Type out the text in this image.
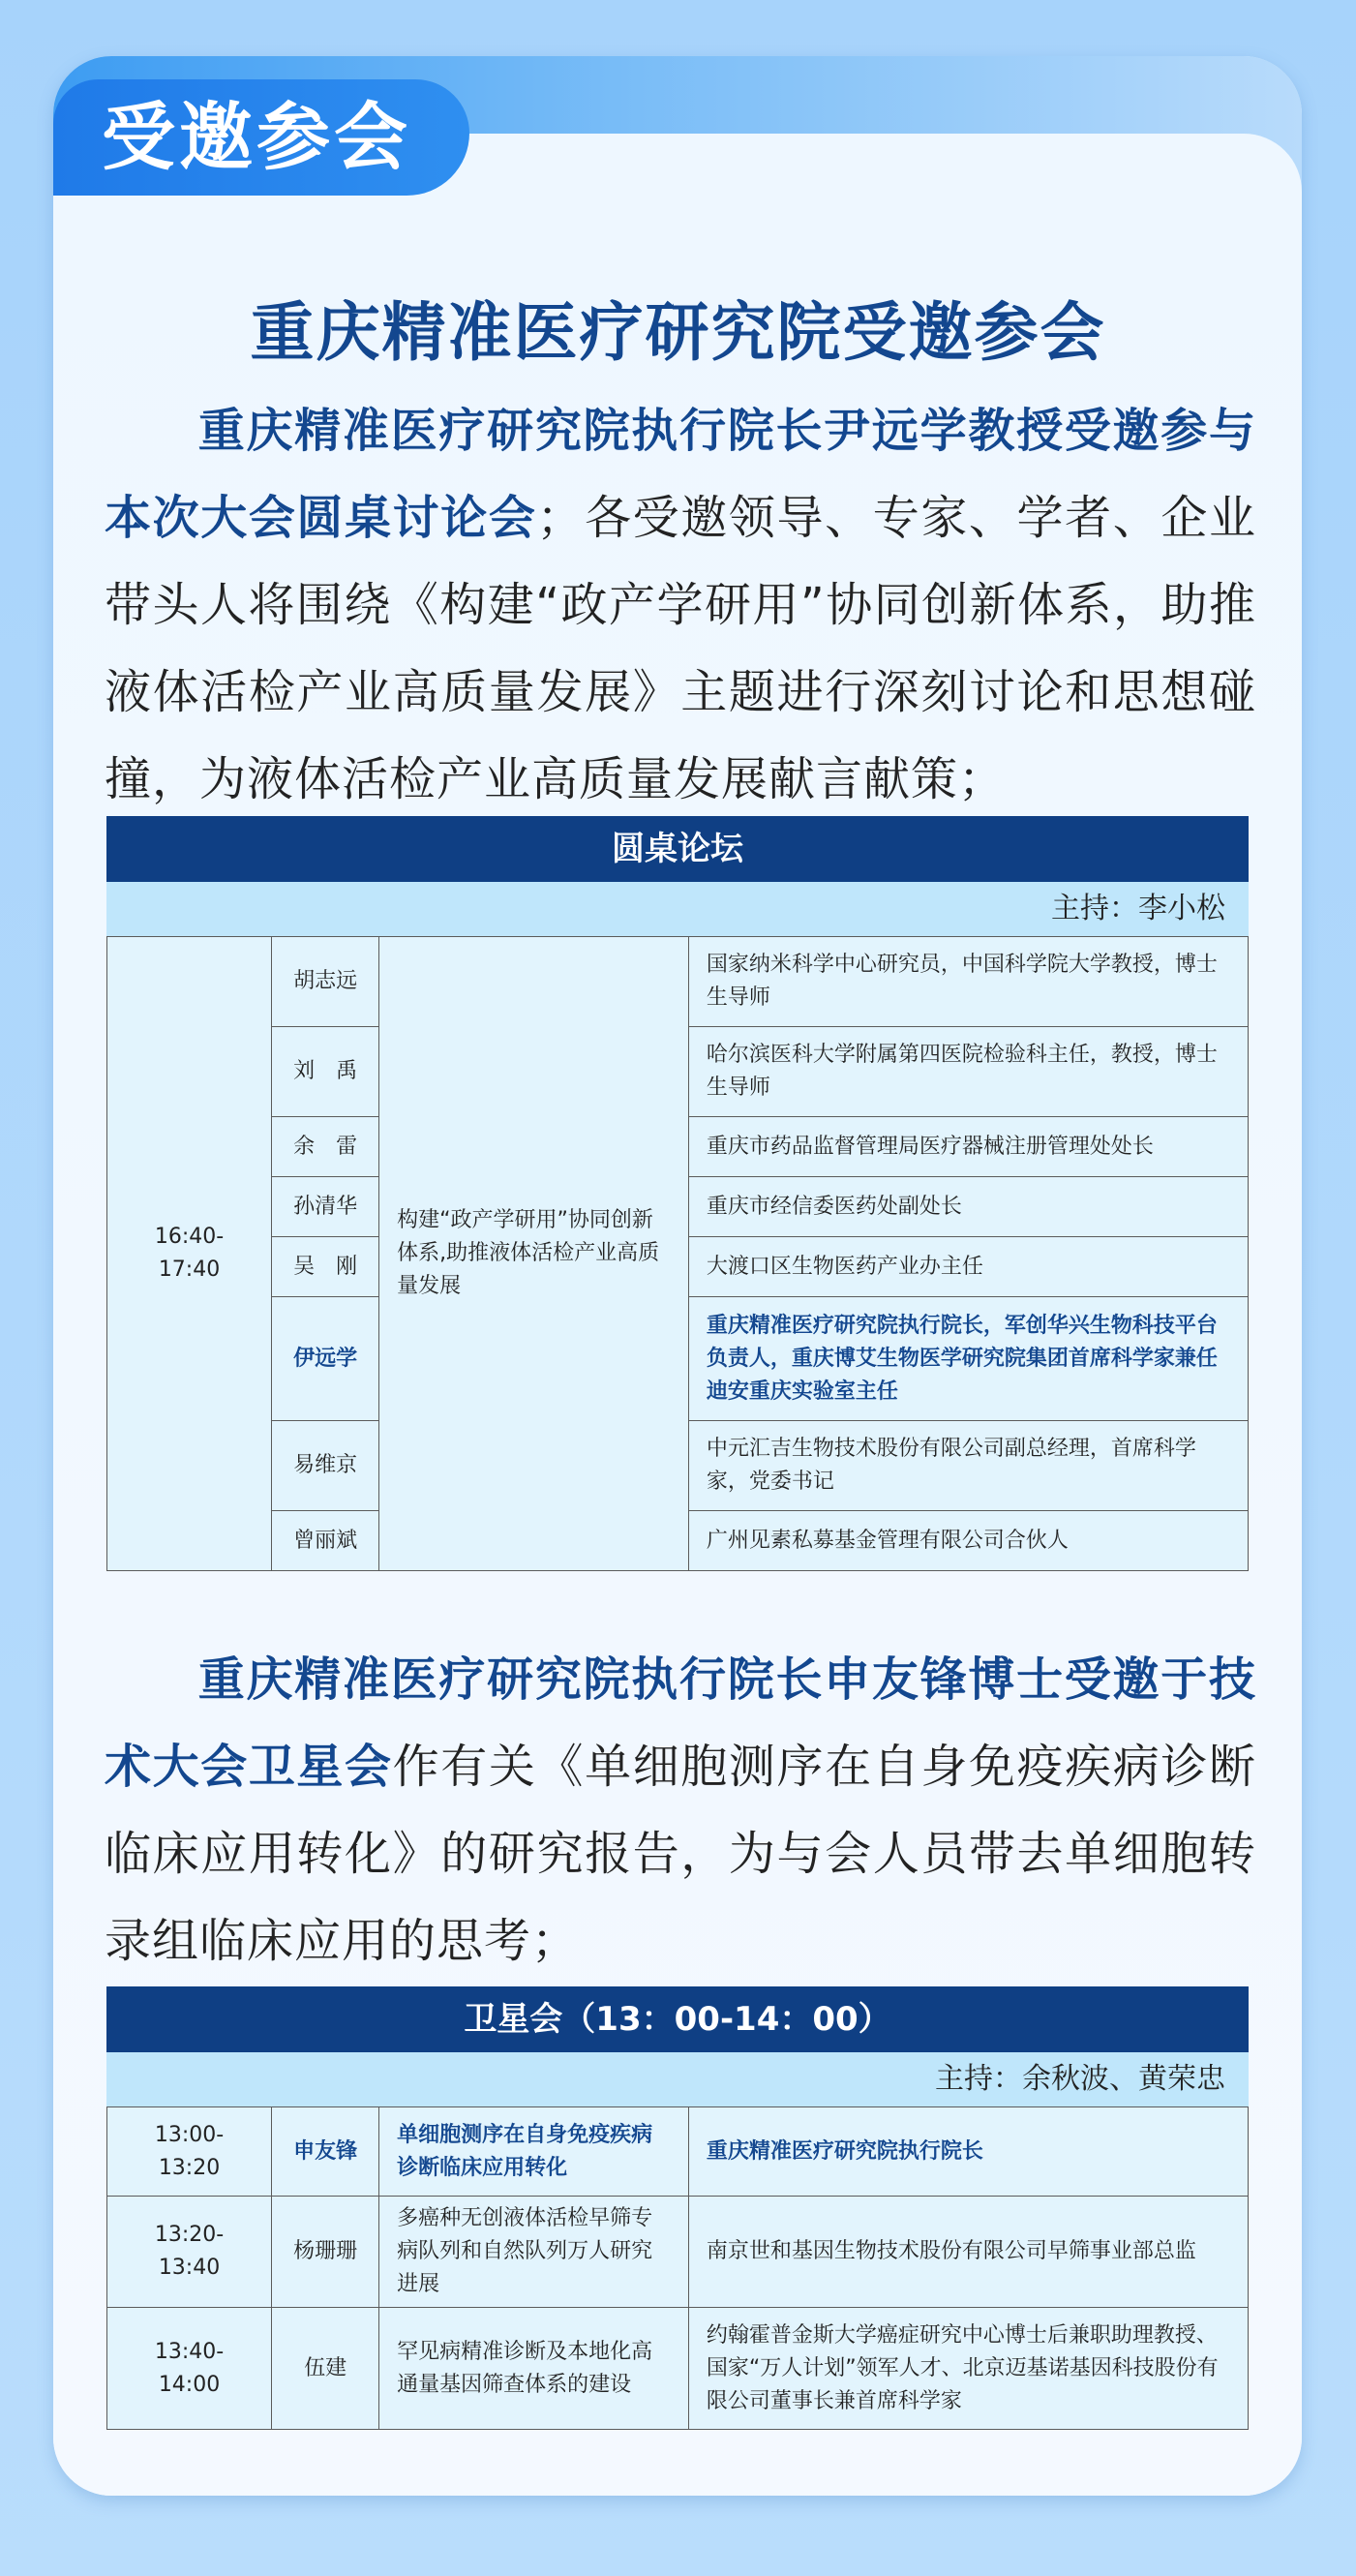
受邀参会
重庆精准医疗研究院受邀参会
重庆精准医疗研究院执行院长尹远学教授受邀参与本次大会圆桌讨论会；各受邀领导、专家、学者、企业带头人将围绕《构建“政产学研用”协同创新体系，助推液体活检产业高质量发展》主题进行深刻讨论和思想碰撞，为液体活检产业高质量发展献言献策；
圆桌论坛
主持：李小松
16:40-17:40	胡志远	构建“政产学研用”协同创新体系,助推液体活检产业高质量发展	国家纳米科学中心研究员，中国科学院大学教授，博士生导师
	刘　禹		哈尔滨医科大学附属第四医院检验科主任，教授，博士生导师
	余　雷		重庆市药品监督管理局医疗器械注册管理处处长
	孙清华		重庆市经信委医药处副处长
	吴　刚		大渡口区生物医药产业办主任
	伊远学		重庆精准医疗研究院执行院长，军创华兴生物科技平台负责人，重庆博艾生物医学研究院集团首席科学家兼任迪安重庆实验室主任
	易维京		中元汇吉生物技术股份有限公司副总经理，首席科学家，党委书记
	曾丽斌		广州见素私募基金管理有限公司合伙人
重庆精准医疗研究院执行院长申友锋博士受邀于技术大会卫星会作有关《单细胞测序在自身免疫疾病诊断临床应用转化》的研究报告，为与会人员带去单细胞转录组临床应用的思考；
卫星会（13：00-14：00）
主持：余秋波、黄荣忠
13:00-13:20	申友锋	单细胞测序在自身免疫疾病诊断临床应用转化	重庆精准医疗研究院执行院长
13:20-13:40	杨珊珊	多癌种无创液体活检早筛专病队列和自然队列万人研究进展	南京世和基因生物技术股份有限公司早筛事业部总监
13:40-14:00	伍建	罕见病精准诊断及本地化高通量基因筛查体系的建设	约翰霍普金斯大学癌症研究中心博士后兼职助理教授、国家“万人计划”领军人才、北京迈基诺基因科技股份有限公司董事长兼首席科学家
